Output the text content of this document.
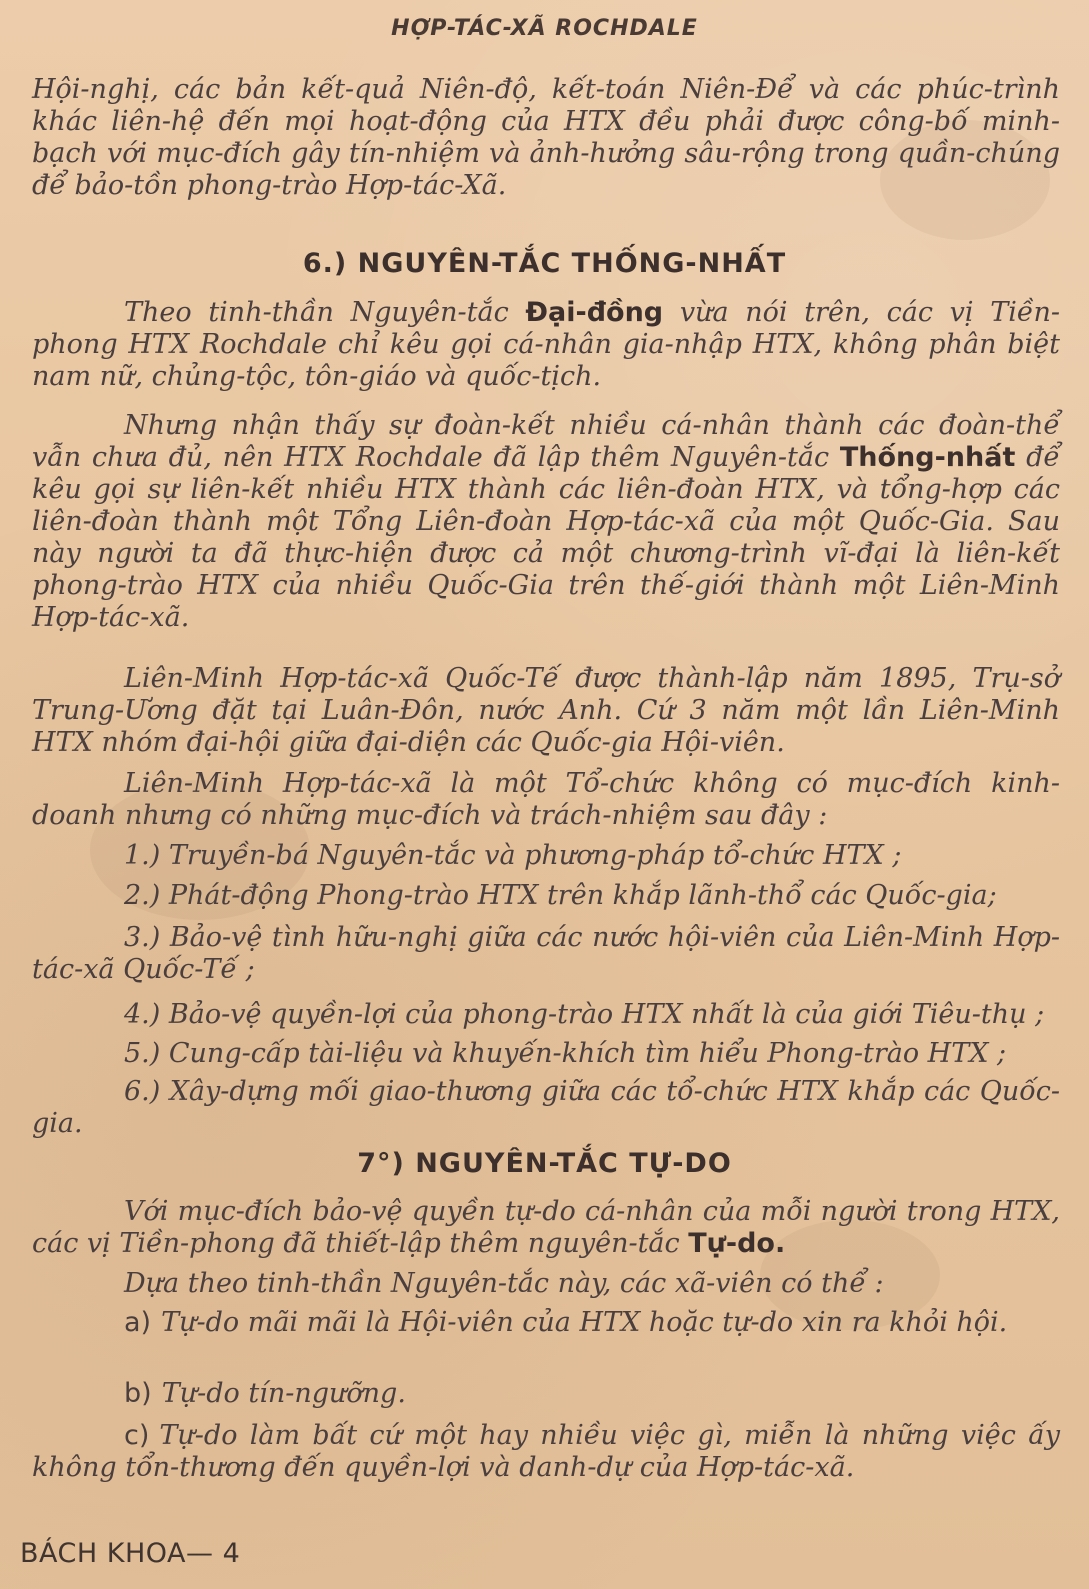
HỢP-TÁC-XÃ ROCHDALE
Hội-nghị, các bản kết-quả Niên-độ, kết-toán Niên-Để và các phúc-trình khác liên-hệ đến mọi hoạt-động của HTX đều phải được công-bố minh-bạch với mục-đích gây tín-nhiệm và ảnh-hưởng sâu-rộng trong quần-chúng để bảo-tồn phong-trào Hợp-tác-Xã.
6.) NGUYÊN-TẮC THỐNG-NHẤT
Theo tinh-thần Nguyên-tắc Đại-đồng vừa nói trên, các vị Tiền-phong HTX Rochdale chỉ kêu gọi cá-nhân gia-nhập HTX, không phân biệt nam nữ, chủng-tộc, tôn-giáo và quốc-tịch.
Nhưng nhận thấy sự đoàn-kết nhiều cá-nhân thành các đoàn-thể vẫn chưa đủ, nên HTX Rochdale đã lập thêm Nguyên-tắc Thống-nhất để kêu gọi sự liên-kết nhiều HTX thành các liên-đoàn HTX, và tổng-hợp các liên-đoàn thành một Tổng Liên-đoàn Hợp-tác-xã của một Quốc-Gia. Sau này người ta đã thực-hiện được cả một chương-trình vĩ-đại là liên-kết phong-trào HTX của nhiều Quốc-Gia trên thế-giới thành một Liên-Minh Hợp-tác-xã.
Liên-Minh Hợp-tác-xã Quốc-Tế được thành-lập năm 1895, Trụ-sở Trung-Ương đặt tại Luân-Đôn, nước Anh. Cứ 3 năm một lần Liên-Minh HTX nhóm đại-hội giữa đại-diện các Quốc-gia Hội-viên.
Liên-Minh Hợp-tác-xã là một Tổ-chức không có mục-đích kinh-doanh nhưng có những mục-đích và trách-nhiệm sau đây :
1.) Truyền-bá Nguyên-tắc và phương-pháp tổ-chức HTX ;
2.) Phát-động Phong-trào HTX trên khắp lãnh-thổ các Quốc-gia;
3.) Bảo-vệ tình hữu-nghị giữa các nước hội-viên của Liên-Minh Hợp-tác-xã Quốc-Tế ;
4.) Bảo-vệ quyền-lợi của phong-trào HTX nhất là của giới Tiêu-thụ ;
5.) Cung-cấp tài-liệu và khuyến-khích tìm hiểu Phong-trào HTX ;
6.) Xây-dựng mối giao-thương giữa các tổ-chức HTX khắp các Quốc-gia.
7°) NGUYÊN-TẮC TỰ-DO
Với mục-đích bảo-vệ quyền tự-do cá-nhân của mỗi người trong HTX, các vị Tiền-phong đã thiết-lập thêm nguyên-tắc Tự-do.
Dựa theo tinh-thần Nguyên-tắc này, các xã-viên có thể :
a) Tự-do mãi mãi là Hội-viên của HTX hoặc tự-do xin ra khỏi hội.
b) Tự-do tín-ngưỡng.
c) Tự-do làm bất cứ một hay nhiều việc gì, miễn là những việc ấy không tổn-thương đến quyền-lợi và danh-dự của Hợp-tác-xã.
BÁCH KHOA— 4
